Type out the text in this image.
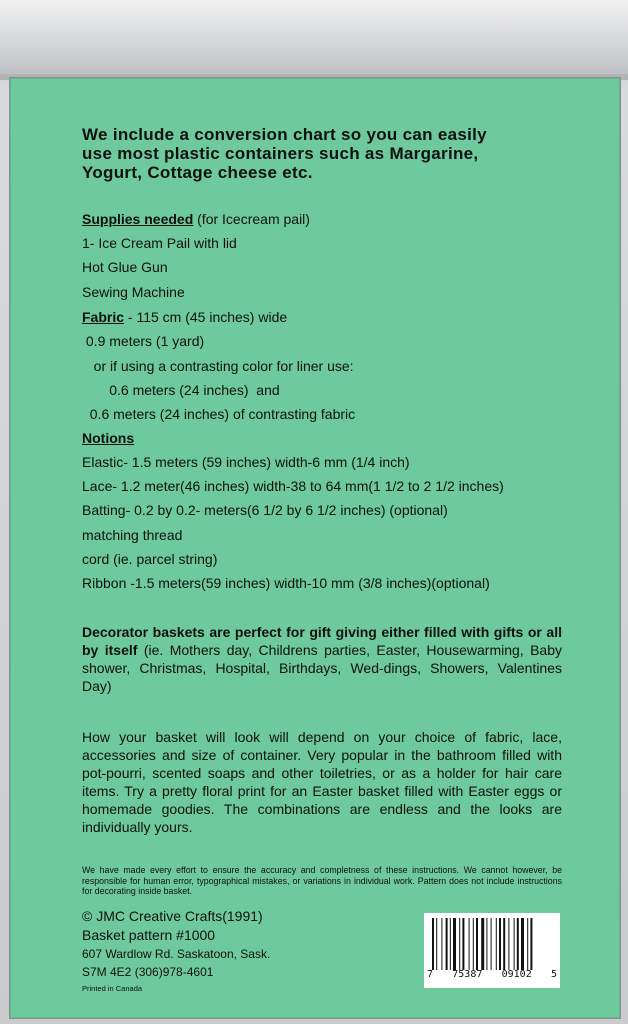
We include a conversion chart so you can easily
use most plastic containers such as Margarine,
Yogurt, Cottage cheese etc.

Supplies needed (for Icecream pail)
1- Ice Cream Pail with lid
Hot Glue Gun
Sewing Machine
Fabric - 115 cm (45 inches) wide
0.9 meters (1 yard)
or if using a contrasting color for liner use:
0.6 meters (24 inches)  and
0.6 meters (24 inches) of contrasting fabric
Notions
Elastic- 1.5 meters (59 inches) width-6 mm (1/4 inch)
Lace- 1.2 meter(46 inches) width-38 to 64 mm(1 1/2 to 2 1/2 inches)
Batting- 0.2 by 0.2- meters(6 1/2 by 6 1/2 inches) (optional)
matching thread
cord (ie. parcel string)
Ribbon -1.5 meters(59 inches) width-10 mm (3/8 inches)(optional)

Decorator baskets are perfect for gift giving either filled with gifts or all by itself (ie. Mothers day, Childrens parties, Easter, Housewarming, Baby shower, Christmas, Hospital, Birthdays, Wed-dings, Showers, Valentines Day)

How your basket will look will depend on your choice of fabric, lace, accessories and size of container. Very popular in the bathroom filled with pot-pourri, scented soaps and other toiletries, or as a holder for hair care items. Try a pretty floral print for an Easter basket filled with Easter eggs or homemade goodies. The combinations are endless and the looks are individually yours.

We have made every effort to ensure the accuracy and completness of these instructions. We cannot however, be responsible for human error, typographical mistakes, or variations in individual work. Pattern does not include instructions for decorating inside basket.

© JMC Creative Crafts(1991)
Basket pattern #1000
607 Wardlow Rd. Saskatoon, Sask.
S7M 4E2 (306)978-4601
Printed in Canada
7 75387 09102 5
